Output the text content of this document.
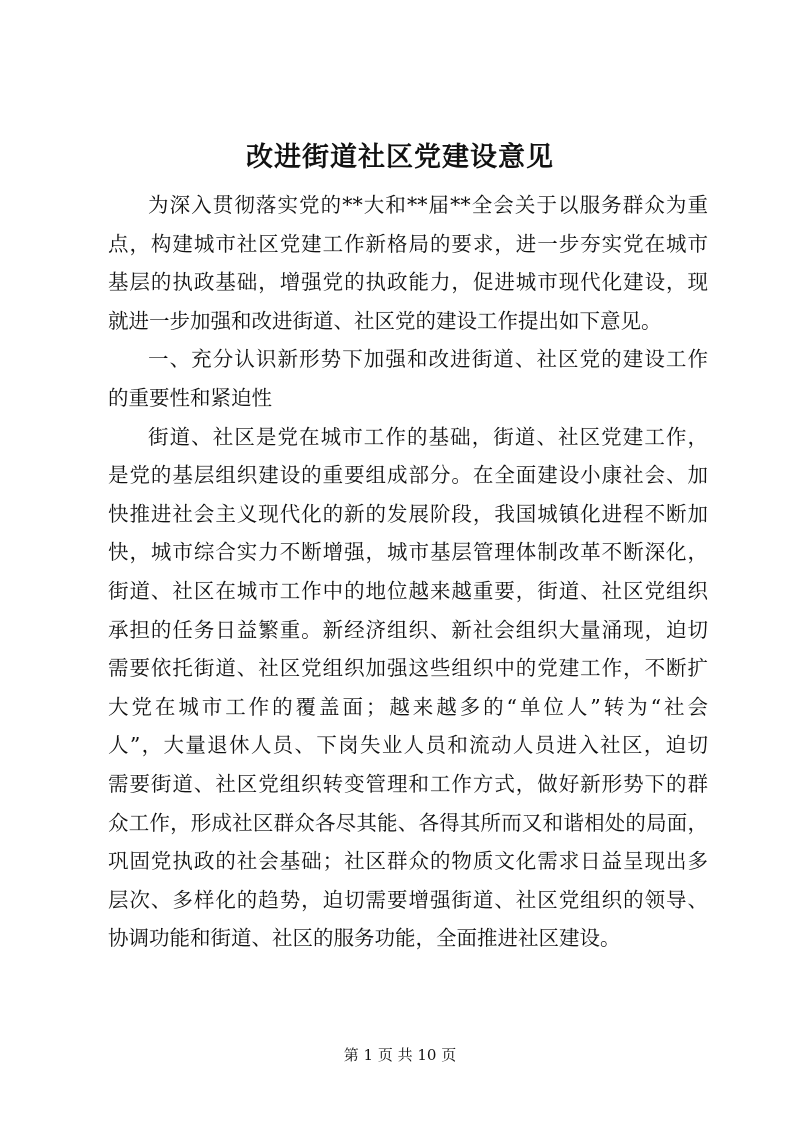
改进街道社区党建设意见
为深入贯彻落实党的**大和**届**全会关于以服务群众为重
点，构建城市社区党建工作新格局的要求，进一步夯实党在城市
基层的执政基础，增强党的执政能力，促进城市现代化建设，现
就进一步加强和改进街道、社区党的建设工作提出如下意见。
一、充分认识新形势下加强和改进街道、社区党的建设工作
的重要性和紧迫性
街道、社区是党在城市工作的基础，街道、社区党建工作，
是党的基层组织建设的重要组成部分。在全面建设小康社会、加
快推进社会主义现代化的新的发展阶段，我国城镇化进程不断加
快，城市综合实力不断增强，城市基层管理体制改革不断深化，
街道、社区在城市工作中的地位越来越重要，街道、社区党组织
承担的任务日益繁重。新经济组织、新社会组织大量涌现，迫切
需要依托街道、社区党组织加强这些组织中的党建工作，不断扩
大党在城市工作的覆盖面；越来越多的“单位人”转为“社会
人”，大量退休人员、下岗失业人员和流动人员进入社区，迫切
需要街道、社区党组织转变管理和工作方式，做好新形势下的群
众工作，形成社区群众各尽其能、各得其所而又和谐相处的局面，
巩固党执政的社会基础；社区群众的物质文化需求日益呈现出多
层次、多样化的趋势，迫切需要增强街道、社区党组织的领导、
协调功能和街道、社区的服务功能，全面推进社区建设。
第 1 页 共 10 页
